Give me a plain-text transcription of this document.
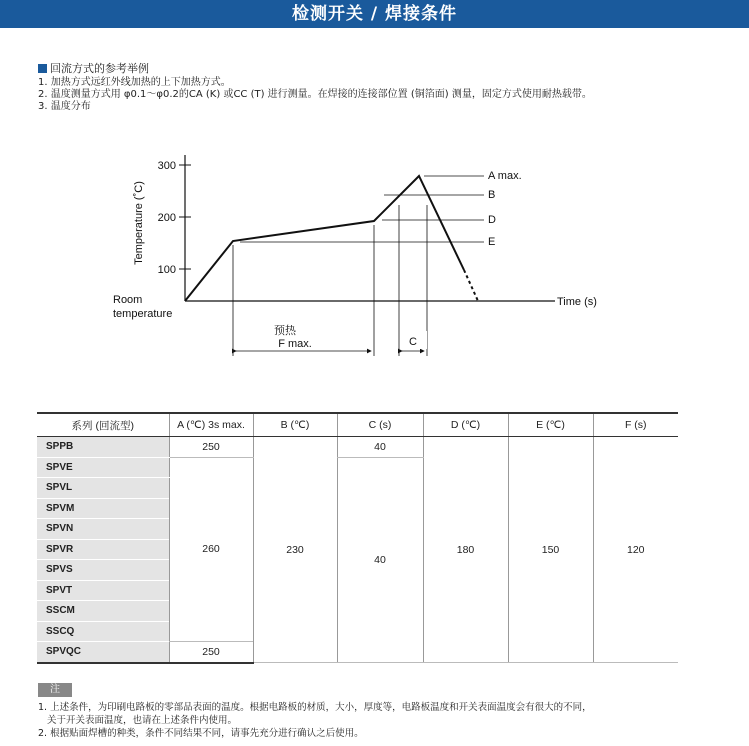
检测开关 / 焊接条件
回流方式的参考举例
1. 加热方式远红外线加热的上下加热方式。
2. 温度测量方式用 φ0.1～φ0.2的CA (K) 或CC (T) 进行测量。在焊接的连接部位置 (铜箔面) 测量，固定方式使用耐热载带。
3. 温度分布
300
200
100
Temperature (˚C)
A max.
B
D
E
预热
F max.	C
Room
temperature
Time (s)
系列 (回流型)	A (℃) 3s max.	B (℃)	C (s)	D (℃)	E (℃)	F (s)
SPPB	250	230	40	180	150	120
SPVE	260		40			
SPVL						
SPVM						
SPVN						
SPVR						
SPVS						
SPVT						
SSCM						
SSCQ						
SPVQC	250					
注
1. 上述条件，为印刷电路板的零部品表面的温度。根据电路板的材质，大小，厚度等，电路板温度和开关表面温度会有很大的不同，
关于开关表面温度，也请在上述条件内使用。
2. 根据贴面焊槽的种类，条件不同结果不同，请事先充分进行确认之后使用。
